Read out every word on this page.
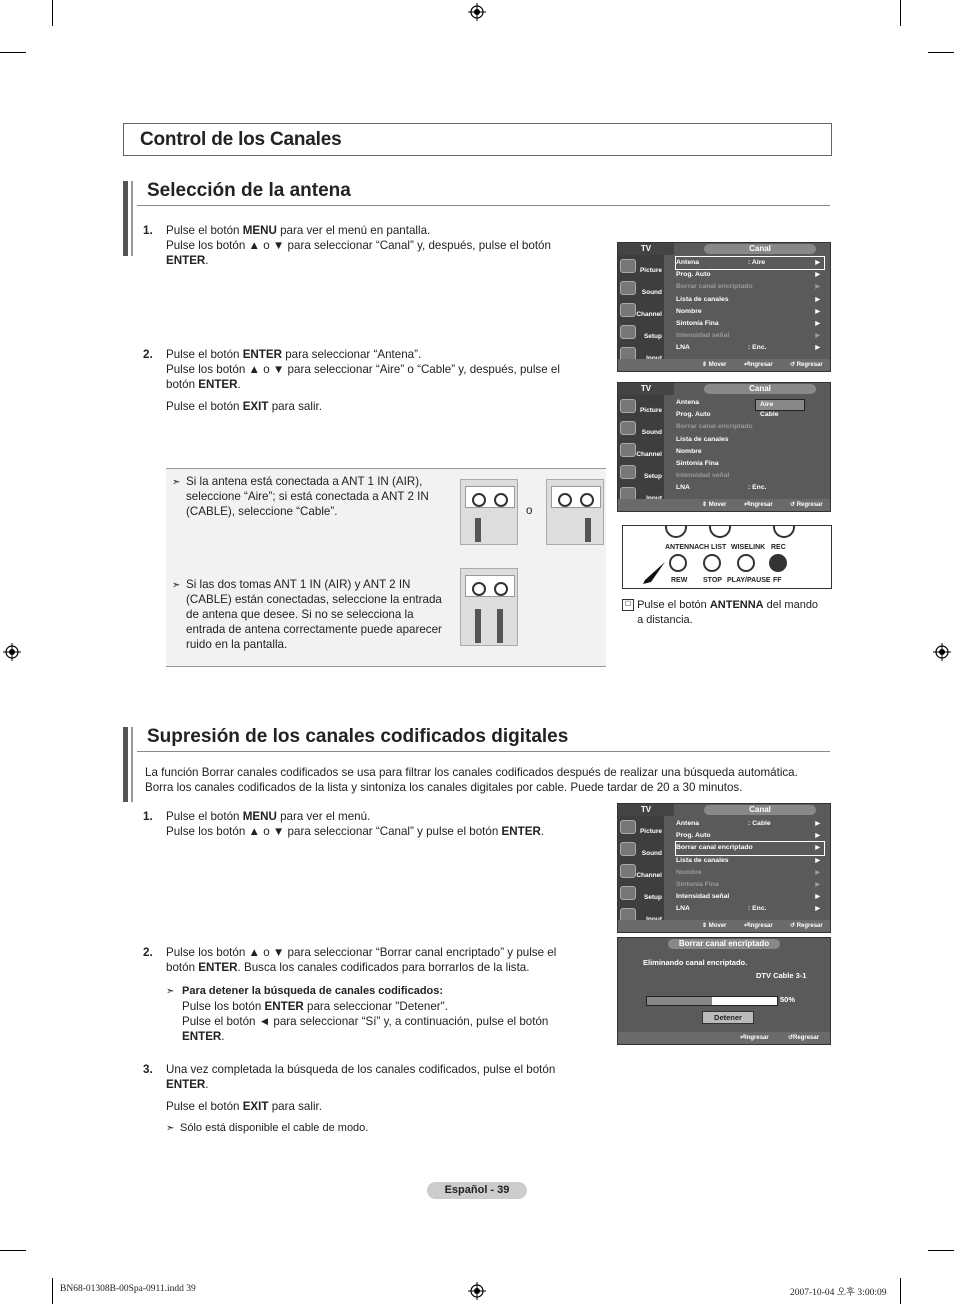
Control de los Canales
Selección de la antena
1. Pulse el botón MENU para ver el menú en pantalla.

Pulse los botón ▲ o ▼ para seleccionar “Canal” y, después, pulse el botón ENTER.

2. Pulse el botón ENTER para seleccionar “Antena”.

Pulse los botón ▲ o ▼ para seleccionar “Aire” o “Cable” y, después, pulse el botón ENTER.

Pulse el botón EXIT para salir.

➣ Si la antena está conectada a ANT 1 IN (AIR), seleccione “Aire”; si está conectada a ANT 2 IN (CABLE), seleccione “Cable”.
➣ Si las dos tomas ANT 1 IN (AIR) y ANT 2 IN (CABLE) están conectadas, seleccione la entrada de antena que desee. Si no se selecciona la entrada de antena correctamente puede aparecer ruido en la pantalla.
o
TV	Canal
Picture
Sound
Channel
Setup
Antena	: Aire	▶
Prog. Auto	▶
Borrar canal encriptado	▶
Lista de canales	▶
Nombre	▶
Sintonía Fina	▶
Intensidad señal	▶
LNA	: Enc.	▶
⇕ Mover	⏎Ingresar	↺ Regresar
TV	Canal
Picture
Sound
Channel
Setup
Antena
Prog. Auto
Borrar canal encriptado
Lista de canales
Nombre
Sintonía Fina
Intensidad señal
LNA	: Enc.
Aire
Cable
⇕ Mover	⏎Ingresar	↺ Regresar
TV	Canal
Picture
Sound
Channel
Setup
Antena	: Cable	▶
Prog. Auto	▶
Borrar canal encriptado	▶
Lista de canales	▶
Nombre	▶
Sintonía Fina	▶
Intensidad señal	▶
LNA	: Enc.	▶
⇕ Mover	⏎Ingresar	↺ Regresar
Borrar canal encriptado
Eliminando canal encriptado.
DTV Cable 3-1
50%
Detener
⏎Ingresar	↺Regresar
ANTENNA CH LIST WISELINK REC
REW STOP PLAY/PAUSE FF
☐ Pulse el botón ANTENNA del mando a distancia.
Supresión de los canales codificados digitales
La función Borrar canales codificados se usa para filtrar los canales codificados después de realizar una búsqueda automática. Borra los canales codificados de la lista y sintoniza los canales digitales por cable. Puede tardar de 20 a 30 minutos.
1. Pulse el botón MENU para ver el menú.

Pulse los botón ▲ o ▼ para seleccionar “Canal” y pulse el botón ENTER.

2. Pulse los botón ▲ o ▼ para seleccionar “Borrar canal encriptado” y pulse el botón ENTER. Busca los canales codificados para borrarlos de la lista.

➣ Para detener la búsqueda de canales codificados:

Pulse los botón ENTER para seleccionar "Detener".

Pulse el botón ◄ para seleccionar “Sí” y, a continuación, pulse el botón ENTER.

3. Una vez completada la búsqueda de los canales codificados, pulse el botón ENTER.

Pulse el botón EXIT para salir.

➣ Sólo está disponible el cable de modo.

Español - 39
BN68-01308B-00Spa-0911.indd 39	2007-10-04 오후 3:00:09
